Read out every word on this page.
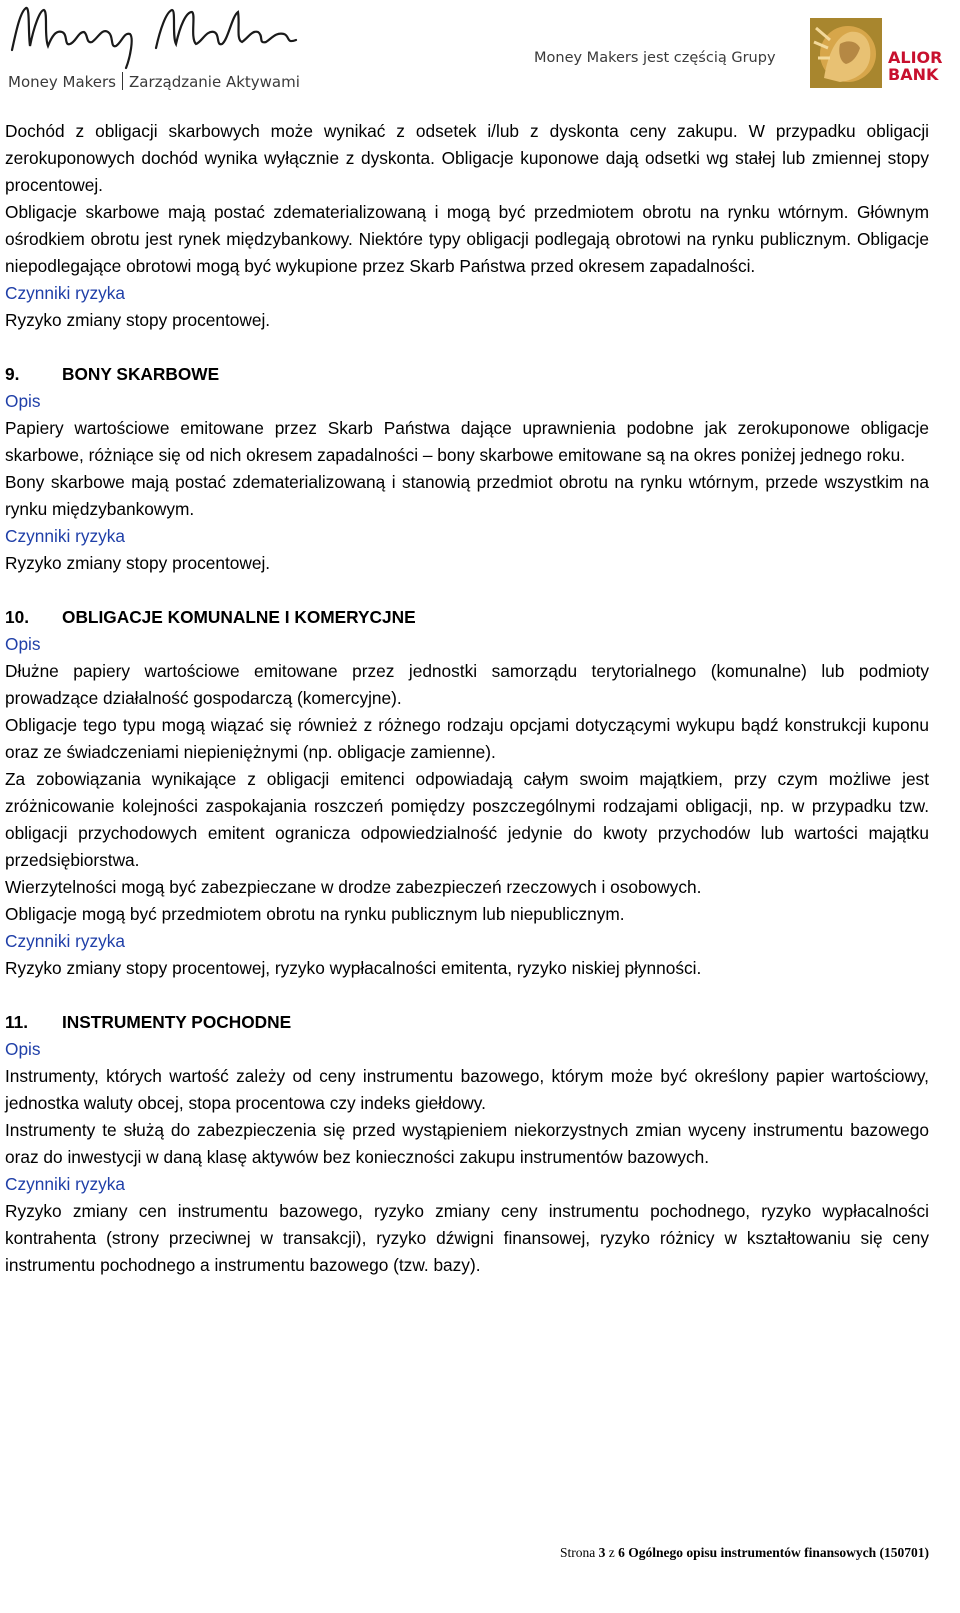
Money Makers Zarządzanie Aktywami
Money Makers jest częścią Grupy	ALIOR
BANK

Dochód z obligacji skarbowych może wynikać z odsetek i/lub z dyskonta ceny zakupu. W przypadku obligacji zerokuponowych dochód wynika wyłącznie z dyskonta. Obligacje kuponowe dają odsetki wg stałej lub zmiennej stopy procentowej.

Obligacje skarbowe mają postać zdematerializowaną i mogą być przedmiotem obrotu na rynku wtórnym. Głównym ośrodkiem obrotu jest rynek międzybankowy. Niektóre typy obligacji podlegają obrotowi na rynku publicznym. Obligacje niepodlegające obrotowi mogą być wykupione przez Skarb Państwa przed okresem zapadalności.

Czynniki ryzyka

Ryzyko zmiany stopy procentowej.

9. BONY SKARBOWE

Opis

Papiery wartościowe emitowane przez Skarb Państwa dające uprawnienia podobne jak zerokuponowe obligacje skarbowe, różniące się od nich okresem zapadalności – bony skarbowe emitowane są na okres poniżej jednego roku.

Bony skarbowe mają postać zdematerializowaną i stanowią przedmiot obrotu na rynku wtórnym, przede wszystkim na rynku międzybankowym.

Czynniki ryzyka

Ryzyko zmiany stopy procentowej.

10. OBLIGACJE KOMUNALNE I KOMERYCJNE

Opis

Dłużne papiery wartościowe emitowane przez jednostki samorządu terytorialnego (komunalne) lub podmioty prowadzące działalność gospodarczą (komercyjne).

Obligacje tego typu mogą wiązać się również z różnego rodzaju opcjami dotyczącymi wykupu bądź konstrukcji kuponu oraz ze świadczeniami niepieniężnymi (np. obligacje zamienne).

Za zobowiązania wynikające z obligacji emitenci odpowiadają całym swoim majątkiem, przy czym możliwe jest zróżnicowanie kolejności zaspokajania roszczeń pomiędzy poszczególnymi rodzajami obligacji, np. w przypadku tzw. obligacji przychodowych emitent ogranicza odpowiedzialność jedynie do kwoty przychodów lub wartości majątku przedsiębiorstwa.

Wierzytelności mogą być zabezpieczane w drodze zabezpieczeń rzeczowych i osobowych.

Obligacje mogą być przedmiotem obrotu na rynku publicznym lub niepublicznym.

Czynniki ryzyka

Ryzyko zmiany stopy procentowej, ryzyko wypłacalności emitenta, ryzyko niskiej płynności.

11. INSTRUMENTY POCHODNE

Opis

Instrumenty, których wartość zależy od ceny instrumentu bazowego, którym może być określony papier wartościowy, jednostka waluty obcej, stopa procentowa czy indeks giełdowy.

Instrumenty te służą do zabezpieczenia się przed wystąpieniem niekorzystnych zmian wyceny instrumentu bazowego oraz do inwestycji w daną klasę aktywów bez konieczności zakupu instrumentów bazowych.

Czynniki ryzyka

Ryzyko zmiany cen instrumentu bazowego, ryzyko zmiany ceny instrumentu pochodnego, ryzyko wypłacalności kontrahenta (strony przeciwnej w transakcji), ryzyko dźwigni finansowej, ryzyko różnicy w kształtowaniu się ceny instrumentu pochodnego a instrumentu bazowego (tzw. bazy).

Strona 3 z 6 Ogólnego opisu instrumentów finansowych (150701)
